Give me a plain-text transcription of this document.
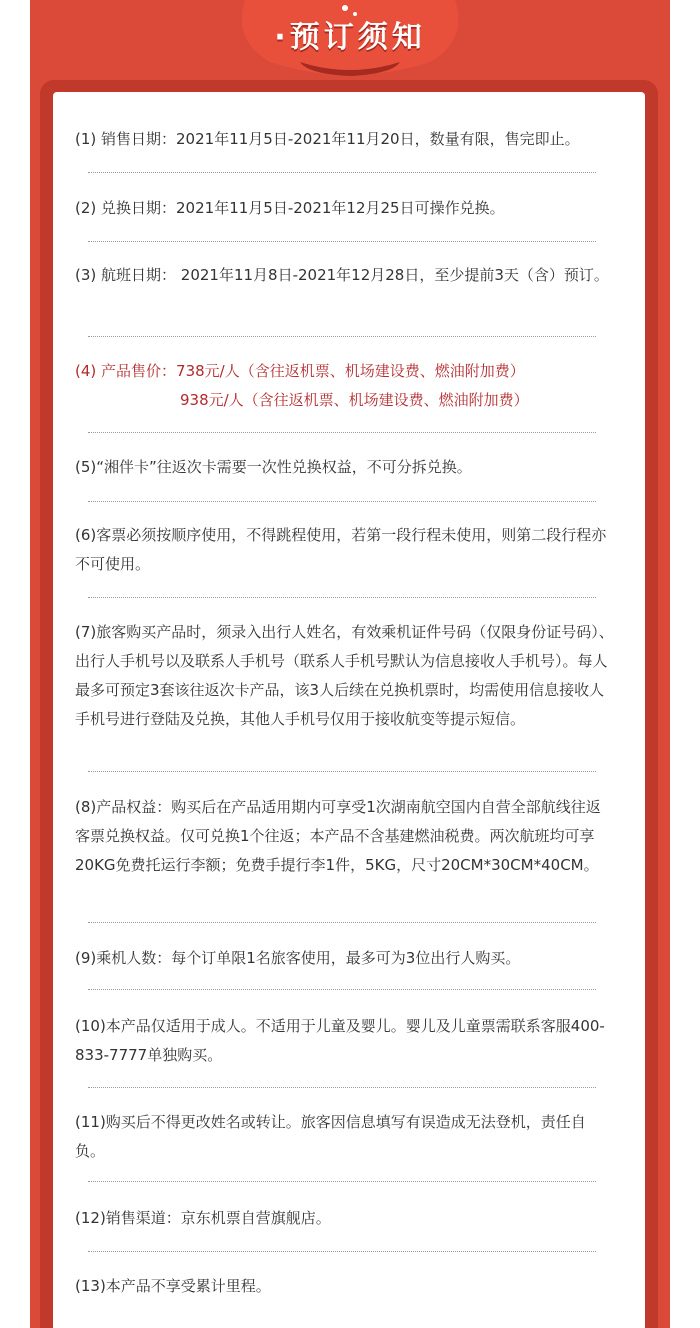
·预订须知
(1) 销售日期：2021年11月5日-2021年11月20日，数量有限，售完即止。
(2) 兑换日期：2021年11月5日-2021年12月25日可操作兑换。
(3) 航班日期： 2021年11月8日-2021年12月28日，至少提前3天（含）预订。
(4) 产品售价：738元/人（含往返机票、机场建设费、燃油附加费）
938元/人（含往返机票、机场建设费、燃油附加费）
(5)“湘伴卡”往返次卡需要一次性兑换权益，不可分拆兑换。
(6)客票必须按顺序使用，不得跳程使用，若第一段行程未使用，则第二段行程亦不可使用。
(7)旅客购买产品时，须录入出行人姓名，有效乘机证件号码（仅限身份证号码）、出行人手机号以及联系人手机号（联系人手机号默认为信息接收人手机号）。每人最多可预定3套该往返次卡产品，该3人后续在兑换机票时，均需使用信息接收人手机号进行登陆及兑换，其他人手机号仅用于接收航变等提示短信。
(8)产品权益：购买后在产品适用期内可享受1次湖南航空国内自营全部航线往返客票兑换权益。仅可兑换1个往返；本产品不含基建燃油税费。两次航班均可享20KG免费托运行李额；免费手提行李1件，5KG，尺寸20CM*30CM*40CM。
(9)乘机人数：每个订单限1名旅客使用，最多可为3位出行人购买。
(10)本产品仅适用于成人。不适用于儿童及婴儿。婴儿及儿童票需联系客服400-833-7777单独购买。
(11)购买后不得更改姓名或转让。旅客因信息填写有误造成无法登机，责任自负。
(12)销售渠道：京东机票自营旗舰店。
(13)本产品不享受累计里程。
